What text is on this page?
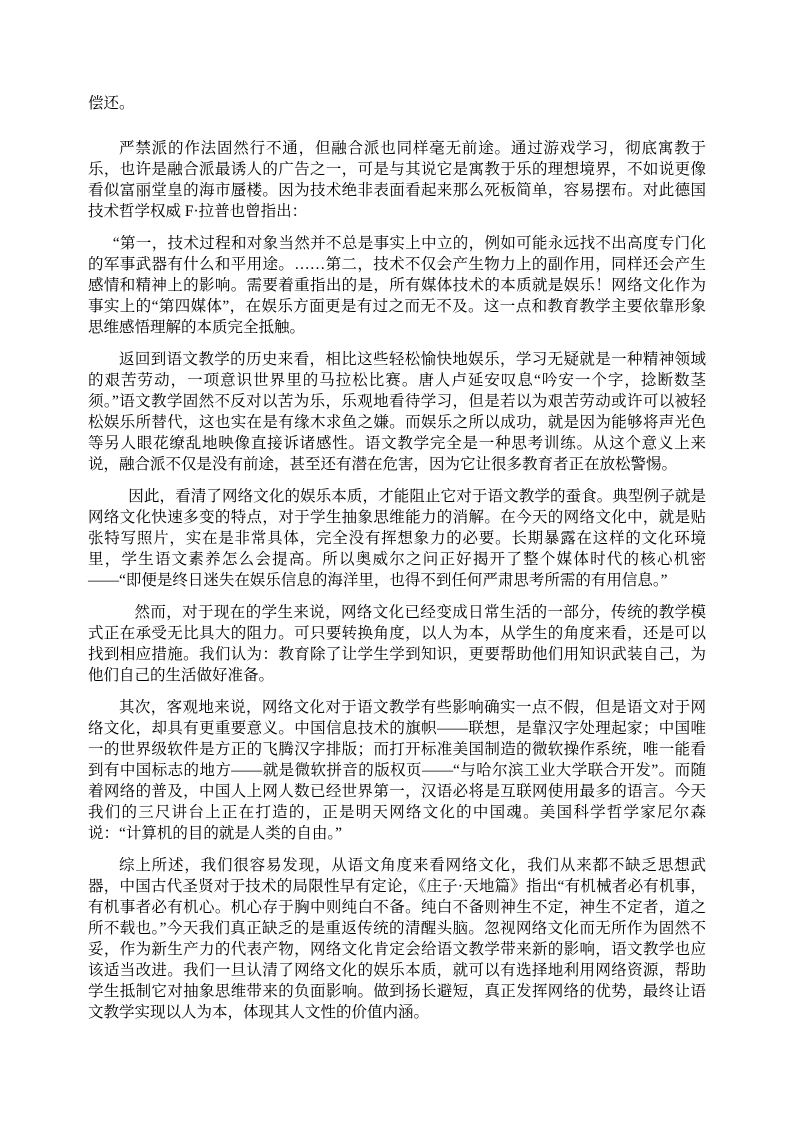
偿还。

严禁派的作法固然行不通，但融合派也同样毫无前途。通过游戏学习，彻底寓教于乐，也许是融合派最诱人的广告之一，可是与其说它是寓教于乐的理想境界，不如说更像看似富丽堂皇的海市蜃楼。因为技术绝非表面看起来那么死板简单，容易摆布。对此德国技术哲学权威 F·拉普也曾指出：

“第一，技术过程和对象当然并不总是事实上中立的，例如可能永远找不出高度专门化的军事武器有什么和平用途。……第二，技术不仅会产生物力上的副作用，同样还会产生感情和精神上的影响。需要着重指出的是，所有媒体技术的本质就是娱乐！网络文化作为事实上的“第四媒体”，在娱乐方面更是有过之而无不及。这一点和教育教学主要依靠形象思维感悟理解的本质完全抵触。

返回到语文教学的历史来看，相比这些轻松愉快地娱乐，学习无疑就是一种精神领域的艰苦劳动，一项意识世界里的马拉松比赛。唐人卢延安叹息“吟安一个字，捻断数茎须。”语文教学固然不反对以苦为乐，乐观地看待学习，但是若以为艰苦劳动或许可以被轻松娱乐所替代，这也实在是有缘木求鱼之嫌。而娱乐之所以成功，就是因为能够将声光色等另人眼花缭乱地映像直接诉诸感性。语文教学完全是一种思考训练。从这个意义上来说，融合派不仅是没有前途，甚至还有潜在危害，因为它让很多教育者正在放松警惕。

因此，看清了网络文化的娱乐本质，才能阻止它对于语文教学的蚕食。典型例子就是网络文化快速多变的特点，对于学生抽象思维能力的消解。在今天的网络文化中，就是贴张特写照片，实在是非常具体，完全没有挥想象力的必要。长期暴露在这样的文化环境里，学生语文素养怎么会提高。所以奥威尔之问正好揭开了整个媒体时代的核心机密——“即便是终日迷失在娱乐信息的海洋里，也得不到任何严肃思考所需的有用信息。”

然而，对于现在的学生来说，网络文化已经变成日常生活的一部分，传统的教学模式正在承受无比具大的阻力。可只要转换角度，以人为本，从学生的角度来看，还是可以找到相应措施。我们认为：教育除了让学生学到知识，更要帮助他们用知识武装自己，为他们自己的生活做好准备。

其次，客观地来说，网络文化对于语文教学有些影响确实一点不假，但是语文对于网络文化，却具有更重要意义。中国信息技术的旗帜——联想，是靠汉字处理起家；中国唯一的世界级软件是方正的飞腾汉字排版；而打开标准美国制造的微软操作系统，唯一能看到有中国标志的地方——就是微软拼音的版权页——“与哈尔滨工业大学联合开发”。而随着网络的普及，中国人上网人数已经世界第一，汉语必将是互联网使用最多的语言。今天我们的三尺讲台上正在打造的，正是明天网络文化的中国魂。美国科学哲学家尼尔森说：“计算机的目的就是人类的自由。”

综上所述，我们很容易发现，从语文角度来看网络文化，我们从来都不缺乏思想武器，中国古代圣贤对于技术的局限性早有定论，《庄子·天地篇》指出“有机械者必有机事，有机事者必有机心。机心存于胸中则纯白不备。纯白不备则神生不定，神生不定者，道之所不载也。”今天我们真正缺乏的是重返传统的清醒头脑。忽视网络文化而无所作为固然不妥，作为新生产力的代表产物，网络文化肯定会给语文教学带来新的影响，语文教学也应该适当改进。我们一旦认清了网络文化的娱乐本质，就可以有选择地利用网络资源，帮助学生抵制它对抽象思维带来的负面影响。做到扬长避短，真正发挥网络的优势，最终让语文教学实现以人为本，体现其人文性的价值内涵。
